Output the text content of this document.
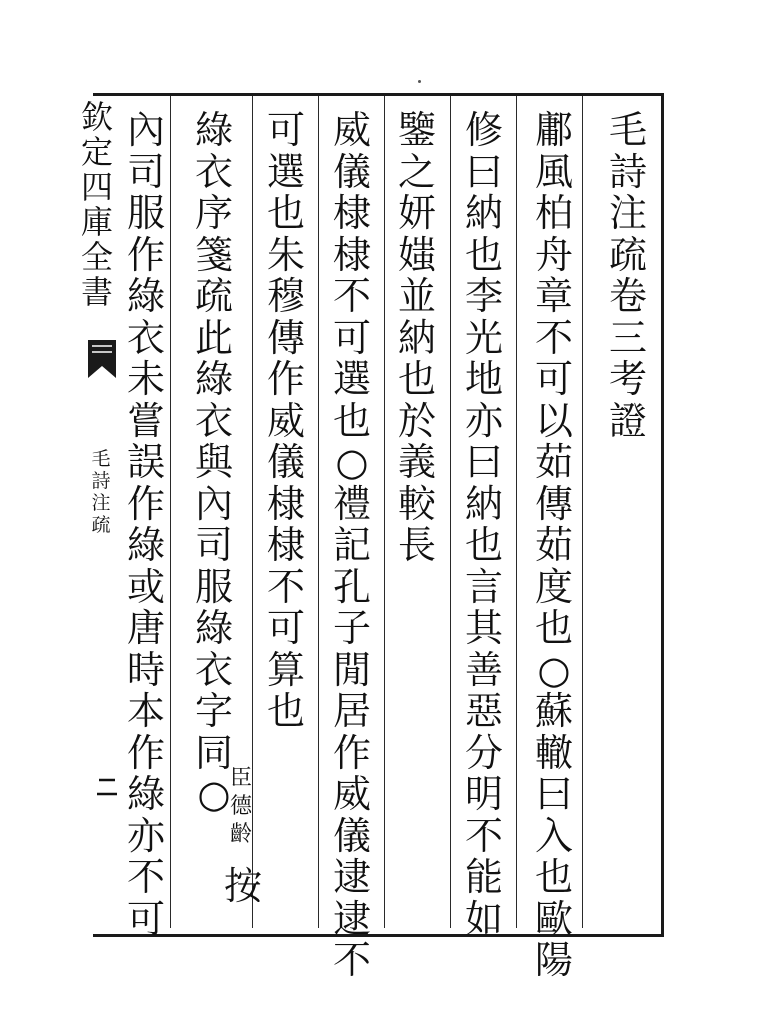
欽
定
四
庫
全
書
毛
詩
注
疏
毛
詩
注
疏
卷
三
考
證
鄘
風
柏
舟
章
不
可
以
茹
傳
茹
度
也
○
蘇
轍
曰
入
也
歐
陽
修
曰
納
也
李
光
地
亦
曰
納
也
言
其
善
惡
分
明
不
能
如
鑒
之
妍
媸
並
納
也
於
義
較
長
威
儀
棣
棣
不
可
選
也
○
禮
記
孔
子
閒
居
作
威
儀
逮
逮
不
可
選
也
朱
穆
傳
作
威
儀
棣
棣
不
可
算
也
綠
衣
序
箋
疏
此
綠
衣
與
內
司
服
綠
衣
字
同
○
內
司
服
作
綠
衣
未
嘗
誤
作
綠
或
唐
時
本
作
綠
亦
不
可
臣
德
齡
按
